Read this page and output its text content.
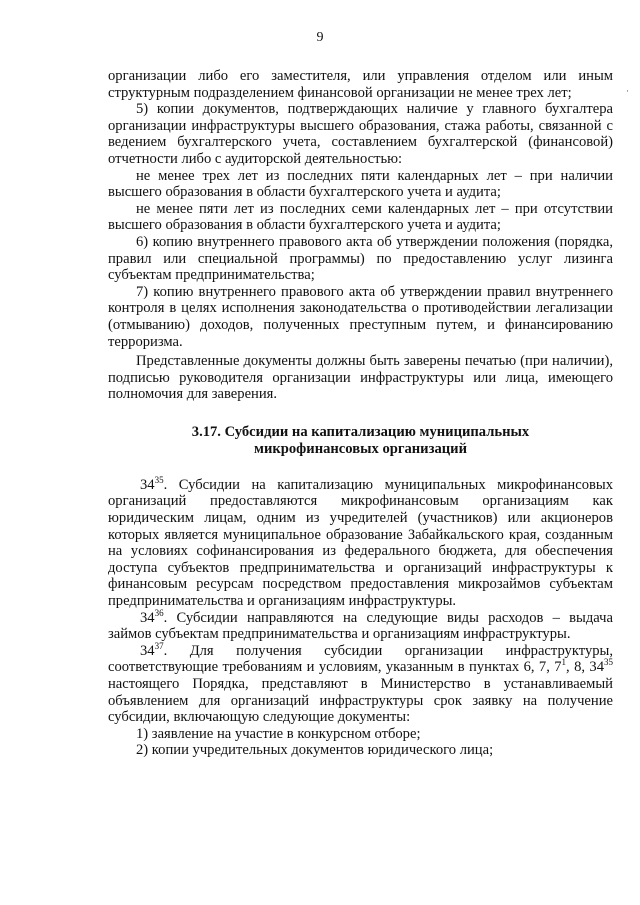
9
·

организации либо его заместителя, или управления отделом или иным структурным подразделением финансовой организации не менее трех лет;

5) копии документов, подтверждающих наличие у главного бухгалтера организации инфраструктуры высшего образования, стажа работы, связанной с ведением бухгалтерского учета, составлением бухгалтерской (финансовой) отчетности либо с аудиторской деятельностью:

не менее трех лет из последних пяти календарных лет – при наличии высшего образования в области бухгалтерского учета и аудита;

не менее пяти лет из последних семи календарных лет – при отсутствии высшего образования в области бухгалтерского учета и аудита;

6) копию внутреннего правового акта об утверждении положения (порядка, правил или специальной программы) по предоставлению услуг лизинга субъектам предпринимательства;

7) копию внутреннего правового акта об утверждении правил внутреннего контроля в целях исполнения законодательства о противодействии легализации (отмыванию) доходов, полученных преступным путем, и финансированию терроризма.

Представленные документы должны быть заверены печатью (при наличии), подписью руководителя организации инфраструктуры или лица, имеющего полномочия для заверения.

3.17. Субсидии на капитализацию муниципальных
микрофинансовых организаций

$34^{35}$. Субсидии на капитализацию муниципальных микрофинансовых организаций предоставляются микрофинансовым организациям как юридическим лицам, одним из учредителей (участников) или акционеров которых является муниципальное образование Забайкальского края, созданным на условиях софинансирования из федерального бюджета, для обеспечения доступа субъектов предпринимательства и организаций инфраструктуры к финансовым ресурсам посредством предоставления микрозаймов субъектам предпринимательства и организациям инфраструктуры.

$34^{36}$. Субсидии направляются на следующие виды расходов – выдача займов субъектам предпринимательства и организациям инфраструктуры.

$34^{37}$. Для получения субсидии организации инфраструктуры, соответствующие требованиям и условиям, указанным в пунктах 6, 7, $7^1$, 8, $34^{35}$ настоящего Порядка, представляют в Министерство в устанавливаемый объявлением для организаций инфраструктуры срок заявку на получение субсидии, включающую следующие документы:

1) заявление на участие в конкурсном отборе;

2) копии учредительных документов юридического лица;
